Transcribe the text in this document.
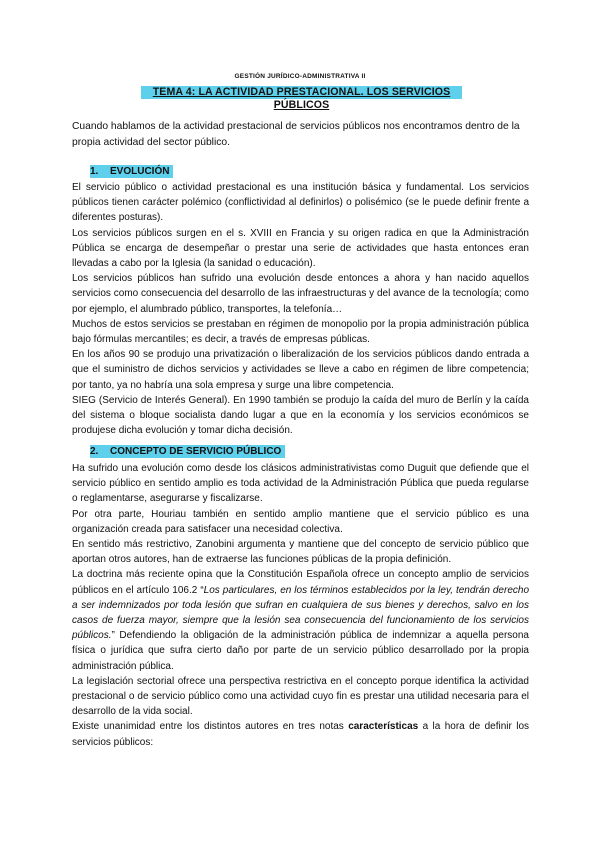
GESTIÓN JURÍDICO-ADMINISTRATIVA II
TEMA 4: LA ACTIVIDAD PRESTACIONAL. LOS SERVICIOS PÚBLICOS
Cuando hablamos de la actividad prestacional de servicios públicos nos encontramos dentro de la propia actividad del sector público.
1. EVOLUCIÓN

El servicio público o actividad prestacional es una institución básica y fundamental. Los servicios públicos tienen carácter polémico (conflictividad al definirlos) o polisémico (se le puede definir frente a diferentes posturas).

Los servicios públicos surgen en el s. XVIII en Francia y su origen radica en que la Administración Pública se encarga de desempeñar o prestar una serie de actividades que hasta entonces eran llevadas a cabo por la Iglesia (la sanidad o educación).

Los servicios públicos han sufrido una evolución desde entonces a ahora y han nacido aquellos servicios como consecuencia del desarrollo de las infraestructuras y del avance de la tecnología; como por ejemplo, el alumbrado público, transportes, la telefonía…

Muchos de estos servicios se prestaban en régimen de monopolio por la propia administración pública bajo fórmulas mercantiles; es decir, a través de empresas públicas.

En los años 90 se produjo una privatización o liberalización de los servicios públicos dando entrada a que el suministro de dichos servicios y actividades se lleve a cabo en régimen de libre competencia; por tanto, ya no habría una sola empresa y surge una libre competencia.

SIEG (Servicio de Interés General). En 1990 también se produjo la caída del muro de Berlín y la caída del sistema o bloque socialista dando lugar a que en la economía y los servicios económicos se produjese dicha evolución y tomar dicha decisión.

2. CONCEPTO DE SERVICIO PÚBLICO

Ha sufrido una evolución como desde los clásicos administrativistas como Duguit que defiende que el servicio público en sentido amplio es toda actividad de la Administración Pública que pueda regularse o reglamentarse, asegurarse y fiscalizarse.

Por otra parte, Houriau también en sentido amplio mantiene que el servicio público es una organización creada para satisfacer una necesidad colectiva.

En sentido más restrictivo, Zanobini argumenta y mantiene que del concepto de servicio público que aportan otros autores, han de extraerse las funciones públicas de la propia definición.

La doctrina más reciente opina que la Constitución Española ofrece un concepto amplio de servicios públicos en el artículo 106.2 “Los particulares, en los términos establecidos por la ley, tendrán derecho a ser indemnizados por toda lesión que sufran en cualquiera de sus bienes y derechos, salvo en los casos de fuerza mayor, siempre que la lesión sea consecuencia del funcionamiento de los servicios públicos.” Defendiendo la obligación de la administración pública de indemnizar a aquella persona física o jurídica que sufra cierto daño por parte de un servicio público desarrollado por la propia administración pública.

La legislación sectorial ofrece una perspectiva restrictiva en el concepto porque identifica la actividad prestacional o de servicio público como una actividad cuyo fin es prestar una utilidad necesaria para el desarrollo de la vida social.

Existe unanimidad entre los distintos autores en tres notas características a la hora de definir los servicios públicos:
